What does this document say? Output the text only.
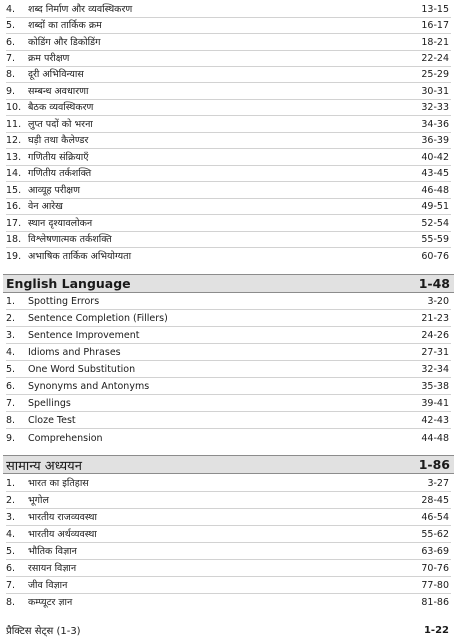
4.	शब्द निर्माण और व्यवस्थिकरण	13-15
5.	शब्दों का तार्किक क्रम	16-17
6.	कोडिंग और डिकोडिंग	18-21
7.	क्रम परीक्षण	22-24
8.	दूरी अभिविन्यास	25-29
9.	सम्बन्ध अवधारणा	30-31
10. बैठक व्यवस्थिकरण	32-33
11. लुप्त पदों को भरना	34-36
12. घड़ी तथा कैलेण्डर	36-39
13. गणितीय संक्रियाएँ	40-42
14. गणितीय तर्कशक्ति	43-45
15. आव्यूह परीक्षण	46-48
16. वेन आरेख	49-51
17. स्थान दृश्यावलोकन	52-54
18. विश्लेषणात्मक तर्कशक्ति	55-59
19. अभाषिक तार्किक अभियोग्यता	60-76
English Language	1-48
1.	Spotting Errors	3-20
2.	Sentence Completion (Fillers)	21-23
3.	Sentence Improvement	24-26
4.	Idioms and Phrases	27-31
5.	One Word Substitution	32-34
6.	Synonyms and Antonyms	35-38
7.	Spellings	39-41
8.	Cloze Test	42-43
9.	Comprehension	44-48
सामान्य अध्ययन	1-86
1.	भारत का इतिहास	3-27
2.	भूगोल	28-45
3.	भारतीय राजव्यवस्था	46-54
4.	भारतीय अर्थव्यवस्था	55-62
5.	भौतिक विज्ञान	63-69
6.	रसायन विज्ञान	70-76
7.	जीव विज्ञान	77-80
8.	कम्प्यूटर ज्ञान	81-86
प्रैक्टिस सेट्स (1-3)	1-22
